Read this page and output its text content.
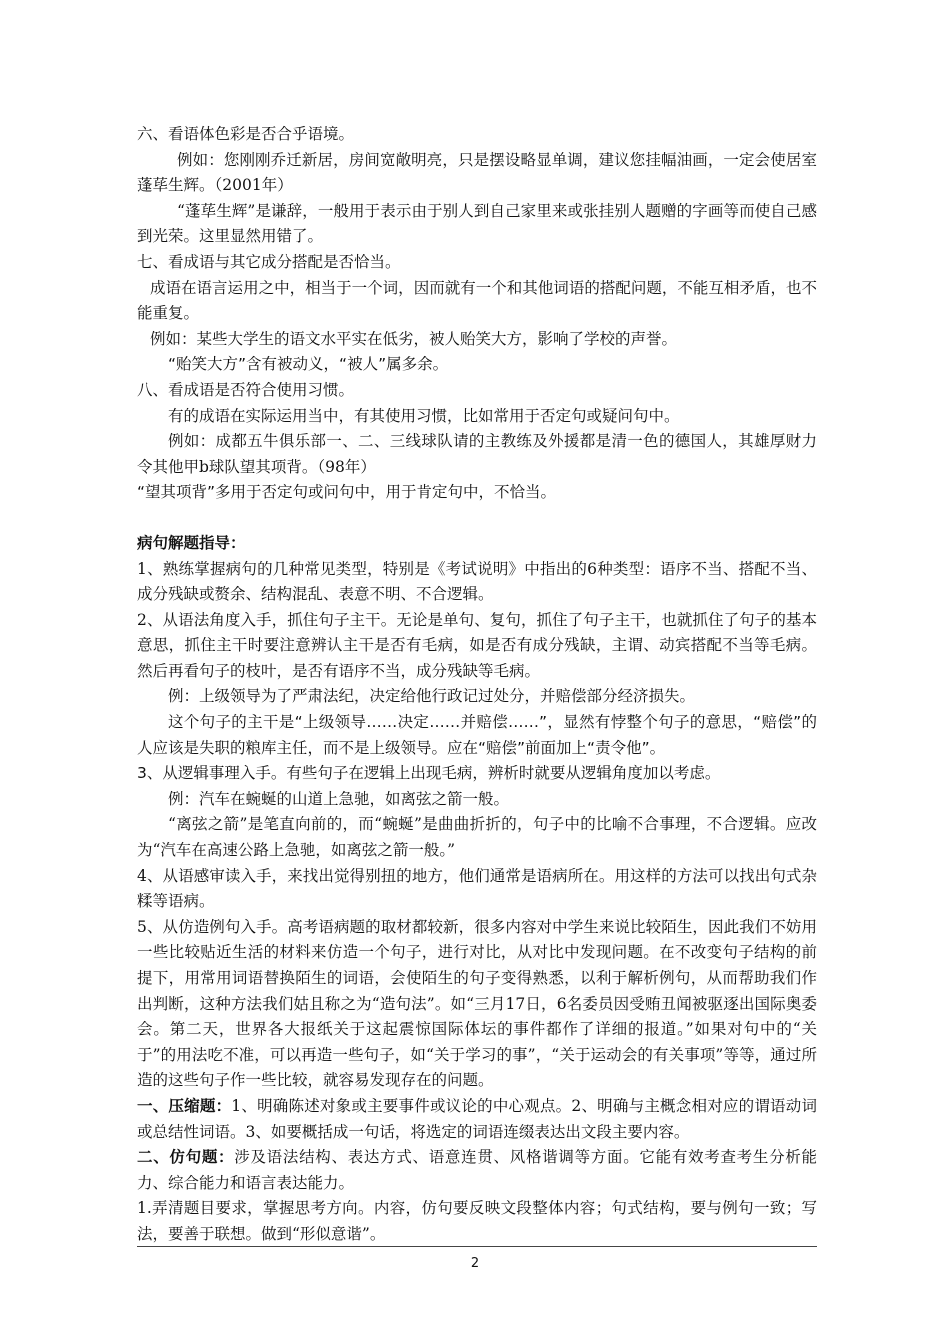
六、看语体色彩是否合乎语境。

例如：您刚刚乔迁新居，房间宽敞明亮，只是摆设略显单调，建议您挂幅油画，一定会使居室蓬荜生辉。（2001年）

“蓬荜生辉”是谦辞，一般用于表示由于别人到自己家里来或张挂别人题赠的字画等而使自己感到光荣。这里显然用错了。

七、看成语与其它成分搭配是否恰当。

成语在语言运用之中，相当于一个词，因而就有一个和其他词语的搭配问题，不能互相矛盾，也不能重复。

例如：某些大学生的语文水平实在低劣，被人贻笑大方，影响了学校的声誉。

“贻笑大方”含有被动义，“被人”属多余。

八、看成语是否符合使用习惯。

有的成语在实际运用当中，有其使用习惯，比如常用于否定句或疑问句中。

例如：成都五牛俱乐部一、二、三线球队请的主教练及外援都是清一色的德国人，其雄厚财力令其他甲b球队望其项背。（98年）

“望其项背”多用于否定句或问句中，用于肯定句中，不恰当。

病句解题指导：

1、熟练掌握病句的几种常见类型，特别是《考试说明》中指出的6种类型：语序不当、搭配不当、成分残缺或赘余、结构混乱、表意不明、不合逻辑。

2、从语法角度入手，抓住句子主干。无论是单句、复句，抓住了句子主干，也就抓住了句子的基本意思，抓住主干时要注意辨认主干是否有毛病，如是否有成分残缺，主谓、动宾搭配不当等毛病。然后再看句子的枝叶，是否有语序不当，成分残缺等毛病。

例：上级领导为了严肃法纪，决定给他行政记过处分，并赔偿部分经济损失。

这个句子的主干是“上级领导……决定……并赔偿……”，显然有悖整个句子的意思，“赔偿”的人应该是失职的粮库主任，而不是上级领导。应在“赔偿”前面加上“责令他”。

3、从逻辑事理入手。有些句子在逻辑上出现毛病，辨析时就要从逻辑角度加以考虑。

例：汽车在蜿蜒的山道上急驰，如离弦之箭一般。

“离弦之箭”是笔直向前的，而“蜿蜒”是曲曲折折的，句子中的比喻不合事理，不合逻辑。应改为“汽车在高速公路上急驰，如离弦之箭一般。”

4、从语感审读入手，来找出觉得别扭的地方，他们通常是语病所在。用这样的方法可以找出句式杂糅等语病。

5、从仿造例句入手。高考语病题的取材都较新，很多内容对中学生来说比较陌生，因此我们不妨用一些比较贴近生活的材料来仿造一个句子，进行对比，从对比中发现问题。在不改变句子结构的前提下，用常用词语替换陌生的词语，会使陌生的句子变得熟悉，以利于解析例句，从而帮助我们作出判断，这种方法我们姑且称之为“造句法”。如“三月17日，6名委员因受贿丑闻被驱逐出国际奥委会。第二天，世界各大报纸关于这起震惊国际体坛的事件都作了详细的报道。”如果对句中的“关于”的用法吃不准，可以再造一些句子，如“关于学习的事”，“关于运动会的有关事项”等等，通过所造的这些句子作一些比较，就容易发现存在的问题。

一、压缩题：1、明确陈述对象或主要事件或议论的中心观点。2、明确与主概念相对应的谓语动词或总结性词语。3、如要概括成一句话，将选定的词语连缀表达出文段主要内容。

二、仿句题：涉及语法结构、表达方式、语意连贯、风格谐调等方面。它能有效考查考生分析能力、综合能力和语言表达能力。

1.弄清题目要求，掌握思考方向。内容，仿句要反映文段整体内容；句式结构，要与例句一致；写法，要善于联想。做到“形似意谐”。

2
